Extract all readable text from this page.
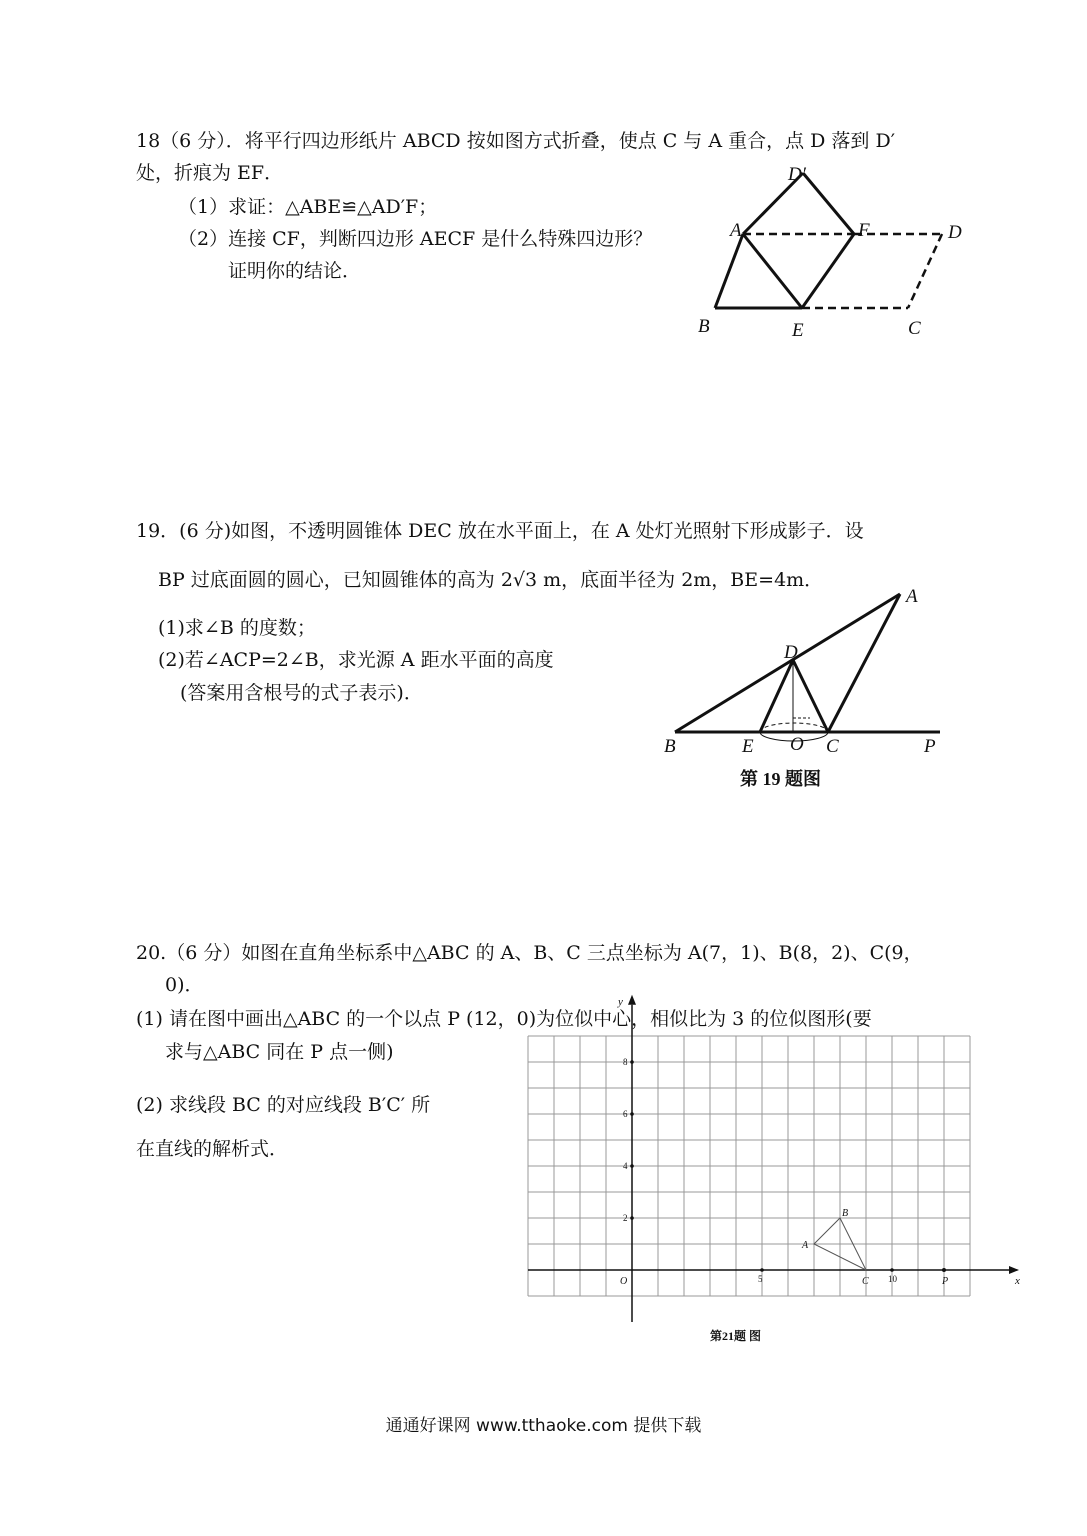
18（6 分）．将平行四边形纸片 ABCD 按如图方式折叠，使点 C 与 A 重合，点 D 落到 D′
处，折痕为 EF．
（1）求证：△ABE≌△AD′F；
（2）连接 CF，判断四边形 AECF 是什么特殊四边形？
证明你的结论．
D′
A	F	D
B	E	C
19．(6 分)如图，不透明圆锥体 DEC 放在水平面上，在 A 处灯光照射下形成影子．设
BP 过底面圆的圆心，已知圆锥体的高为 2√3 m，底面半径为 2m，BE=4m．
(1)求∠B 的度数；
(2)若∠ACP=2∠B，求光源 A 距水平面的高度
(答案用含根号的式子表示)．
A
D
B	E O C	P
第 19 题图
20.（6 分）如图在直角坐标系中△ABC 的 A、B、C 三点坐标为 A(7，1)、B(8，2)、C(9，
0)．
(1) 请在图中画出△ABC 的一个以点 P (12，0)为位似中心，相似比为 3 的位似图形(要
求与△ABC 同在 P 点一侧)
(2) 求线段 BC 的对应线段 B′C′ 所
在直线的解析式．
x
y
O
2
4
6
8
5	10
A
B
C	P
第21题 图
通通好课网 www.tthaoke.com 提供下载
